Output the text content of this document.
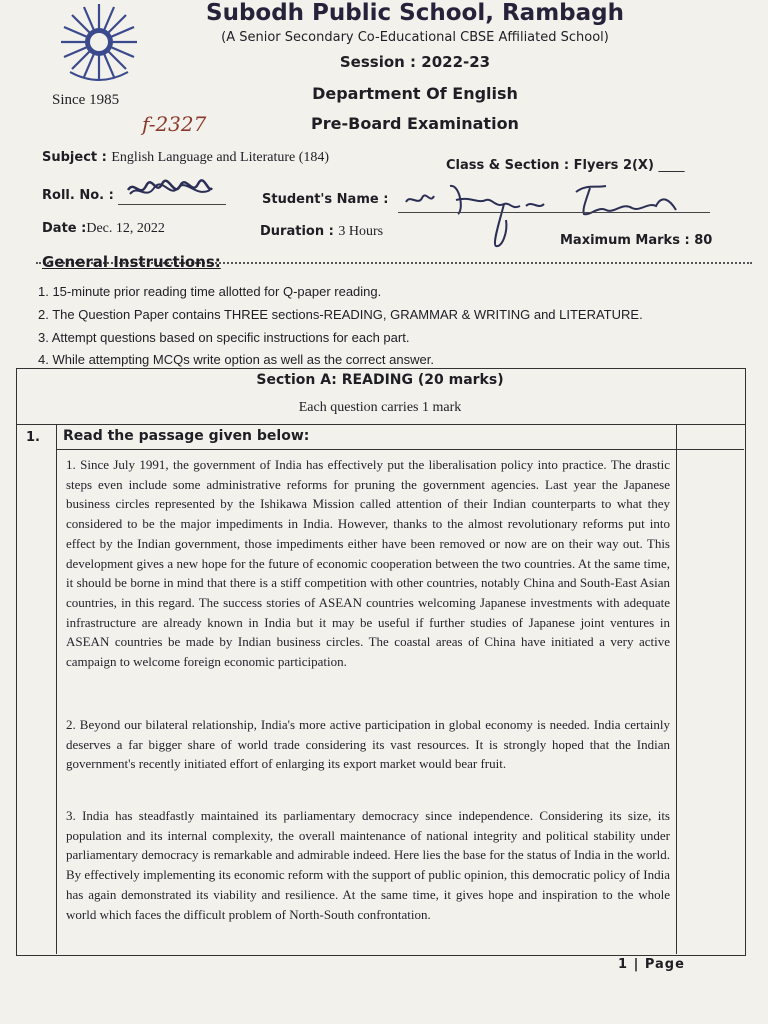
Since 1985
Subodh Public School, Rambagh
(A Senior Secondary Co-Educational CBSE Affiliated School)
Session : 2022-23
Department Of English
Pre-Board Examination
f-2327
Subject : English Language and Literature (184)
Class & Section : Flyers 2(X) ____
Roll. No. :	Student's Name :
Date :Dec. 12, 2022	Duration : 3 Hours
Maximum Marks : 80
General Instructions:
1. 15-minute prior reading time allotted for Q-paper reading.
2. The Question Paper contains THREE sections-READING, GRAMMAR & WRITING and LITERATURE.
3. Attempt questions based on specific instructions for each part.
4. While attempting MCQs write option as well as the correct answer.
Section A: READING (20 marks)
Each question carries 1 mark
1. Read the passage given below:
1. Since July 1991, the government of India has effectively put the liberalisation policy into practice. The drastic steps even include some administrative reforms for pruning the government agencies. Last year the Japanese business circles represented by the Ishikawa Mission called attention of their Indian counterparts to what they considered to be the major impediments in India. However, thanks to the almost revolutionary reforms put into effect by the Indian government, those impediments either have been removed or now are on their way out. This development gives a new hope for the future of economic cooperation between the two countries. At the same time, it should be borne in mind that there is a stiff competition with other countries, notably China and South-East Asian countries, in this regard. The success stories of ASEAN countries welcoming Japanese investments with adequate infrastructure are already known in India but it may be useful if further studies of Japanese joint ventures in ASEAN countries be made by Indian business circles. The coastal areas of China have initiated a very active campaign to welcome foreign economic participation.
2. Beyond our bilateral relationship, India's more active participation in global economy is needed. India certainly deserves a far bigger share of world trade considering its vast resources. It is strongly hoped that the Indian government's recently initiated effort of enlarging its export market would bear fruit.
3. India has steadfastly maintained its parliamentary democracy since independence. Considering its size, its population and its internal complexity, the overall maintenance of national integrity and political stability under parliamentary democracy is remarkable and admirable indeed. Here lies the base for the status of India in the world. By effectively implementing its economic reform with the support of public opinion, this democratic policy of India has again demonstrated its viability and resilience. At the same time, it gives hope and inspiration to the whole world which faces the difficult problem of North-South confrontation.
1 | Page
